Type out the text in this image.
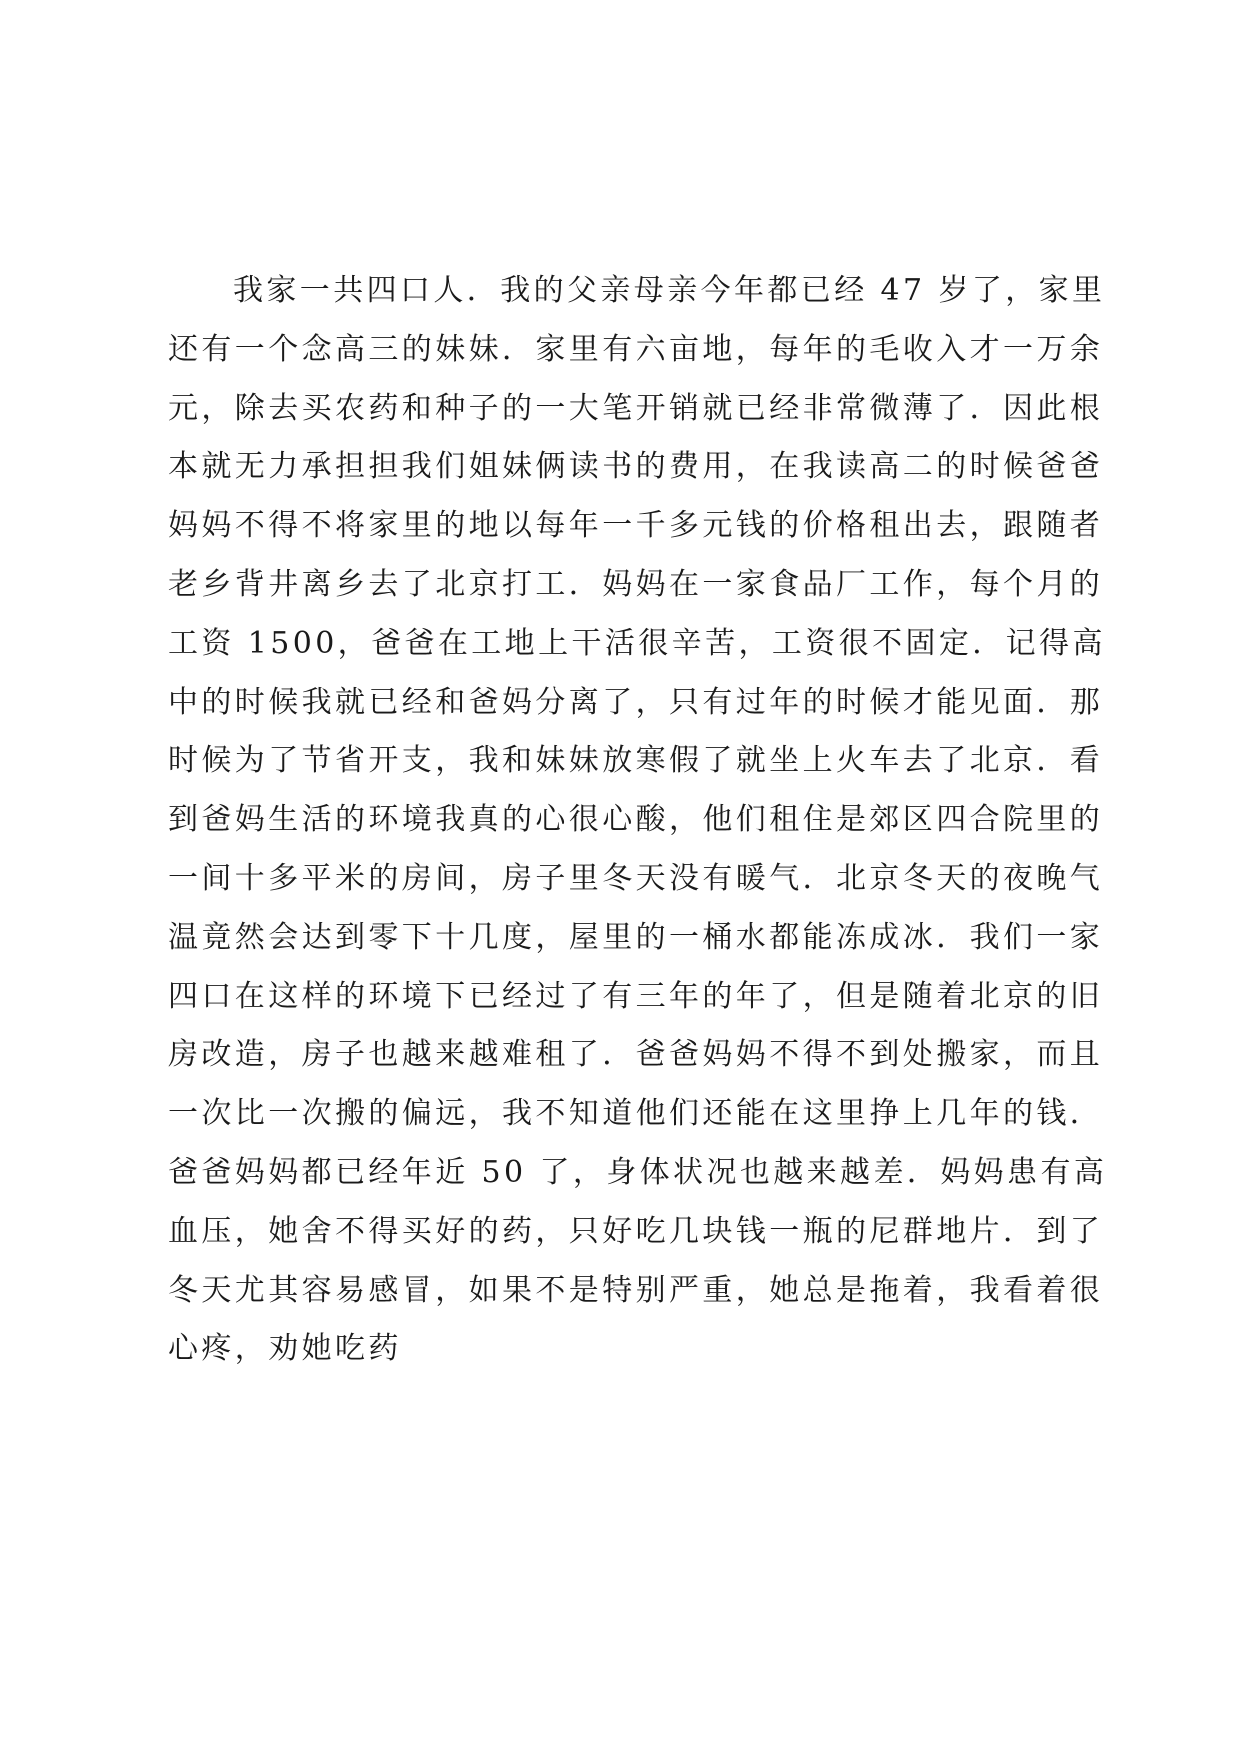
我家一共四口人．我的父亲母亲今年都已经 47 岁了，家里
还有一个念高三的妹妹．家里有六亩地，每年的毛收入才一万余
元，除去买农药和种子的一大笔开销就已经非常微薄了．因此根
本就无力承担担我们姐妹俩读书的费用，在我读高二的时候爸爸
妈妈不得不将家里的地以每年一千多元钱的价格租出去，跟随者
老乡背井离乡去了北京打工．妈妈在一家食品厂工作，每个月的
工资 1500，爸爸在工地上干活很辛苦，工资很不固定．记得高
中的时候我就已经和爸妈分离了，只有过年的时候才能见面．那
时候为了节省开支，我和妹妹放寒假了就坐上火车去了北京．看
到爸妈生活的环境我真的心很心酸，他们租住是郊区四合院里的
一间十多平米的房间，房子里冬天没有暖气．北京冬天的夜晚气
温竟然会达到零下十几度，屋里的一桶水都能冻成冰．我们一家
四口在这样的环境下已经过了有三年的年了，但是随着北京的旧
房改造，房子也越来越难租了．爸爸妈妈不得不到处搬家，而且
一次比一次搬的偏远，我不知道他们还能在这里挣上几年的钱．
爸爸妈妈都已经年近 50 了，身体状况也越来越差．妈妈患有高
血压，她舍不得买好的药，只好吃几块钱一瓶的尼群地片．到了
冬天尤其容易感冒，如果不是特别严重，她总是拖着，我看着很
心疼，劝她吃药
